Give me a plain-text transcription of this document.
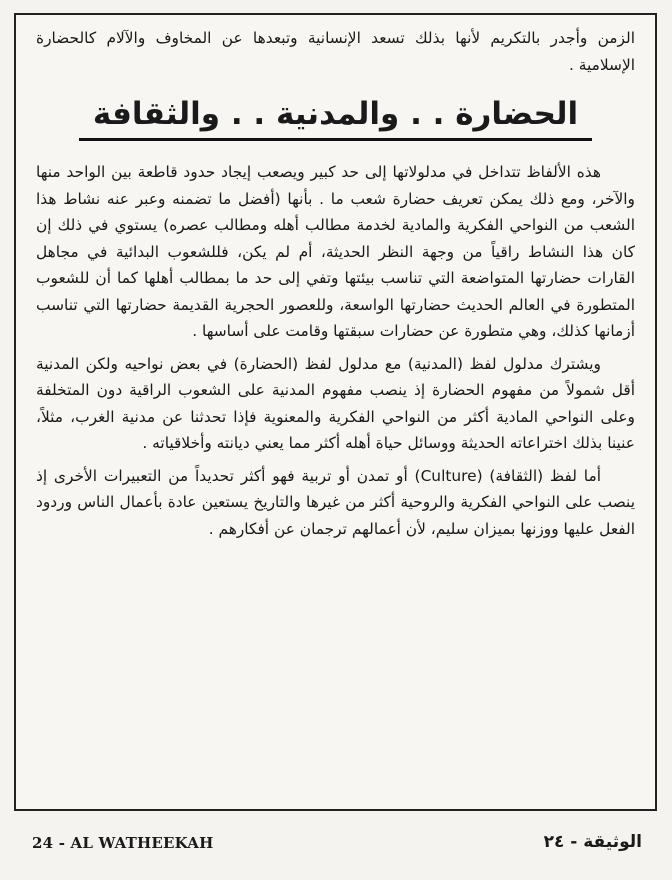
الزمن وأجدر بالتكريم لأنها بذلك تسعد الإنسانية وتبعدها عن المخاوف والآلام كالحضارة الإسلامية .

الحضارة . . والمدنية . . والثقافة

هذه الألفاظ تتداخل في مدلولاتها إلى حد كبير ويصعب إيجاد حدود قاطعة بين الواحد منها والآخر، ومع ذلك يمكن تعريف حضارة شعب ما . بأنها (أفضل ما تضمنه وعبر عنه نشاط هذا الشعب من النواحي الفكرية والمادية لخدمة مطالب أهله ومطالب عصره) يستوي في ذلك إن كان هذا النشاط راقياً من وجهة النظر الحديثة، أم لم يكن، فللشعوب البدائية في مجاهل القارات حضارتها المتواضعة التي تناسب بيئتها وتفي إلى حد ما بمطالب أهلها كما أن للشعوب المتطورة في العالم الحديث حضارتها الواسعة، وللعصور الحجرية القديمة حضارتها التي تناسب أزمانها كذلك، وهي متطورة عن حضارات سبقتها وقامت على أساسها .

ويشترك مدلول لفظ (المدنية) مع مدلول لفظ (الحضارة) في بعض نواحيه ولكن المدنية أقل شمولاً من مفهوم الحضارة إذ ينصب مفهوم المدنية على الشعوب الراقية دون المتخلفة وعلى النواحي المادية أكثر من النواحي الفكرية والمعنوية فإذا تحدثنا عن مدنية الغرب، مثلاً، عنينا بذلك اختراعاته الحديثة ووسائل حياة أهله أكثر مما يعني ديانته وأخلاقياته .

أما لفظ (الثقافة) (Culture) أو تمدن أو تربية فهو أكثر تحديداً من التعبيرات الأخرى إذ ينصب على النواحي الفكرية والروحية أكثر من غيرها والتاريخ يستعين عادة بأعمال الناس وردود الفعل عليها ووزنها بميزان سليم، لأن أعمالهم ترجمان عن أفكارهم .

24 - AL WATHEEKAH	الوثيقة - ٢٤
